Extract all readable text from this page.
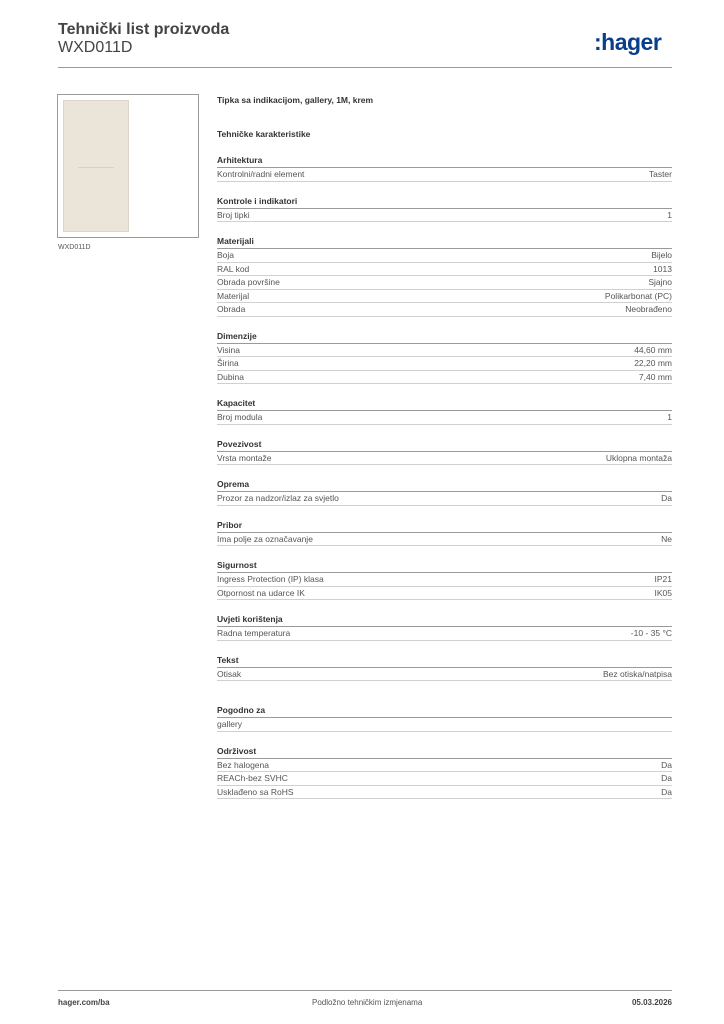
Tehnički list proizvoda
WXD011D	:hager
WXD011D
Tipka sa indikacijom, gallery, 1M, krem
Tehničke karakteristike
Arhitektura
Kontrolni/radni element	Taster
Kontrole i indikatori
Broj tipki	1
Materijali
Boja	Bijelo
RAL kod	1013
Obrada površine	Sjajno
Materijal	Polikarbonat (PC)
Obrada	Neobrađeno
Dimenzije
Visina	44,60 mm
Širina	22,20 mm
Dubina	7,40 mm
Kapacitet
Broj modula	1
Povezivost
Vrsta montaže	Uklopna montaža
Oprema
Prozor za nadzor/izlaz za svjetlo	Da
Pribor
Ima polje za označavanje	Ne
Sigurnost
Ingress Protection (IP) klasa	IP21
Otpornost na udarce IK	IK05
Uvjeti korištenja
Radna temperatura	-10 - 35 °C
Tekst
Otisak	Bez otiska/natpisa
Pogodno za
gallery
Održivost
Bez halogena	Da
REACh-bez SVHC	Da
Usklađeno sa RoHS	Da
hager.com/ba	Podložno tehničkim izmjenama	05.03.2026
